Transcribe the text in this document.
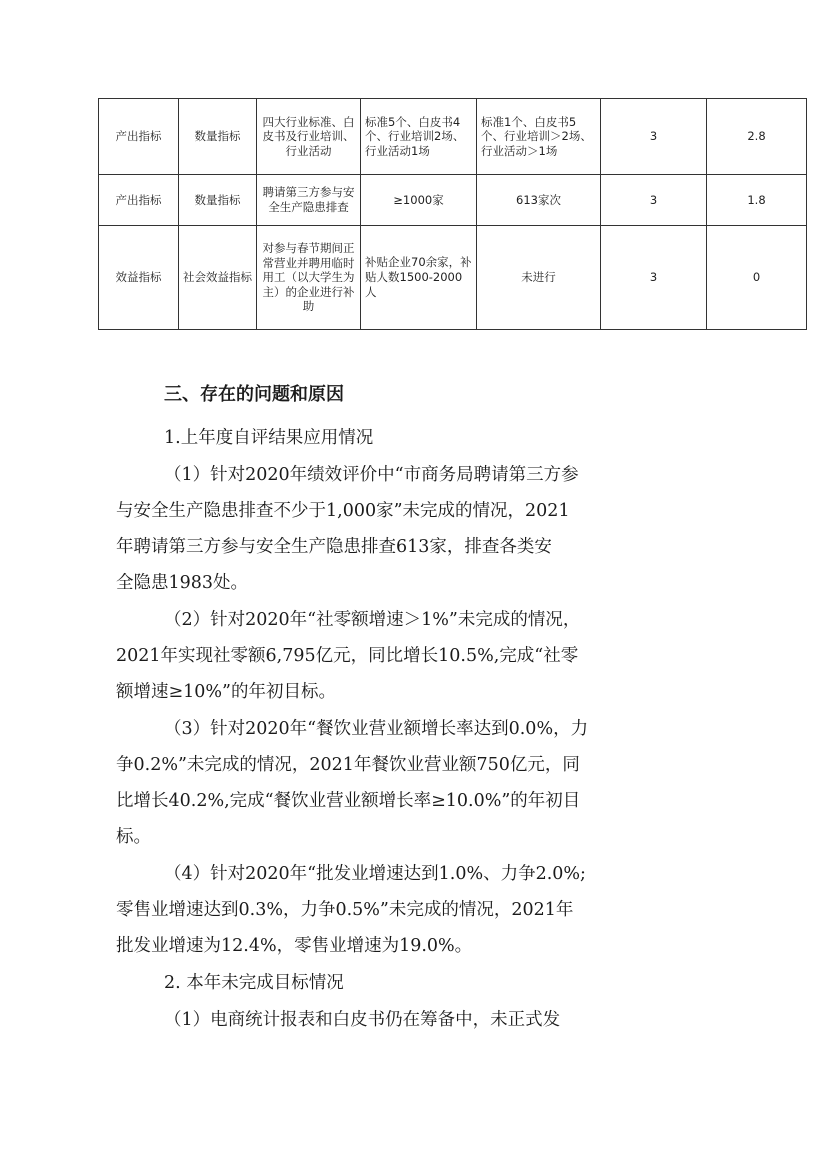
产出指标	数量指标	四大行业标准、白皮书及行业培训、行业活动	标准5个、白皮书4个、行业培训2场、行业活动1场	标准1个、白皮书5个、行业培训＞2场、行业活动＞1场	3	2.8
产出指标	数量指标	聘请第三方参与安全生产隐患排查	≥1000家	613家次	3	1.8
效益指标	社会效益指标	对参与春节期间正常营业并聘用临时用工（以大学生为主）的企业进行补助	补贴企业70余家，补贴人数1500-2000人	未进行	3	0
三、存在的问题和原因
1.上年度自评结果应用情况
（1）针对2020年绩效评价中“市商务局聘请第三方参
与安全生产隐患排查不少于1,000家”未完成的情况，2021
年聘请第三方参与安全生产隐患排查613家，排查各类安
全隐患1983处。
（2）针对2020年“社零额增速＞1%”未完成的情况，
2021年实现社零额6,795亿元，同比增长10.5%,完成“社零
额增速≥10%”的年初目标。
（3）针对2020年“餐饮业营业额增长率达到0.0%，力
争0.2%”未完成的情况，2021年餐饮业营业额750亿元，同
比增长40.2%,完成“餐饮业营业额增长率≥10.0%”的年初目
标。
（4）针对2020年“批发业增速达到1.0%、力争2.0%;
零售业增速达到0.3%，力争0.5%”未完成的情况，2021年
批发业增速为12.4%，零售业增速为19.0%。
2. 本年未完成目标情况
（1）电商统计报表和白皮书仍在筹备中，未正式发
